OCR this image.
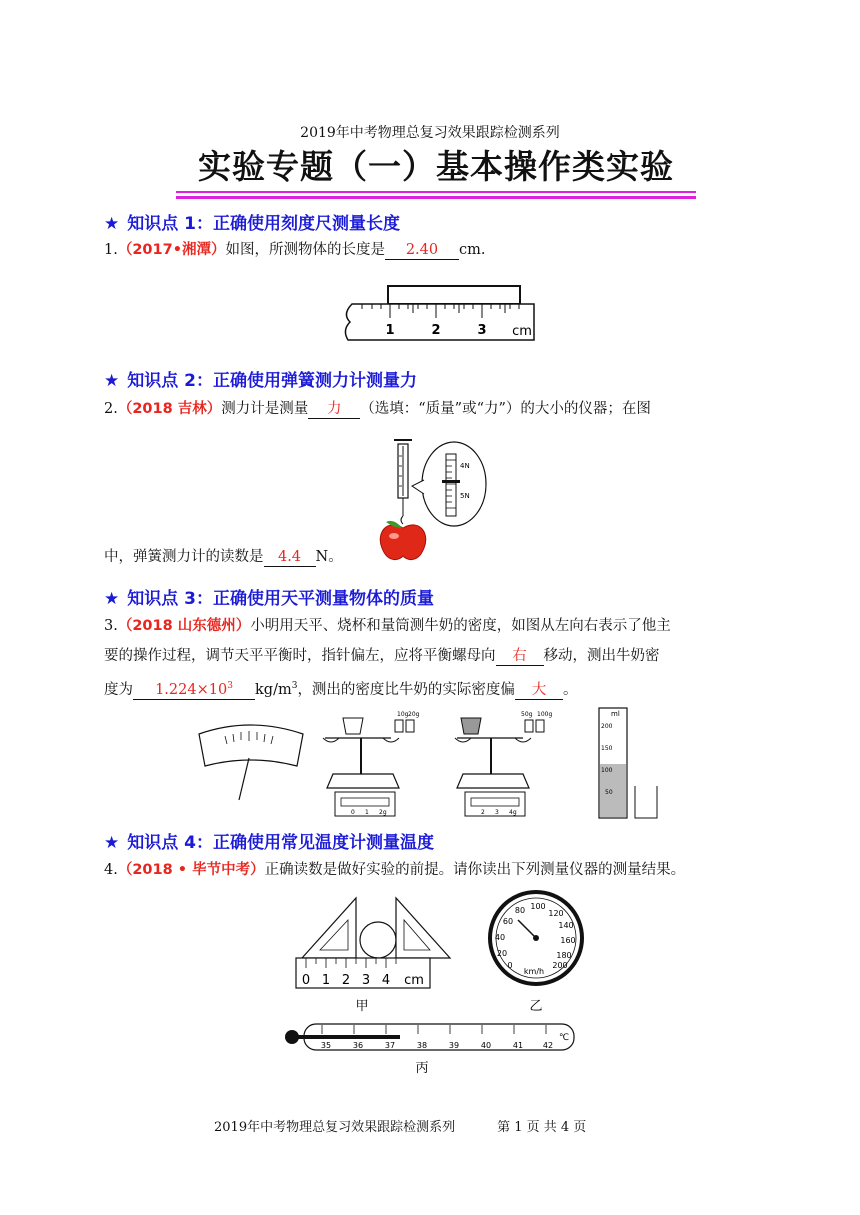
2019年中考物理总复习效果跟踪检测系列
实验专题（一）基本操作类实验
★ 知识点 1：正确使用刻度尺测量长度
1.（2017•湘潭）如图，所测物体的长度是 2.40 cm.
1	2	3 cm
★ 知识点 2：正确使用弹簧测力计测量力
2.（2018 吉林）测力计是测量 力 （选填：“质量”或“力”）的大小的仪器；在图
4N
5N
中，弹簧测力计的读数是 4.4 N。
★ 知识点 3：正确使用天平测量物体的质量
3.（2018 山东德州）小明用天平、烧杯和量筒测牛奶的密度，如图从左向右表示了他主
要的操作过程，调节天平平衡时，指针偏左，应将平衡螺母向 右 移动，测出牛奶密
度为 $1.224\times 10^3$ $kg/m^3$，测出的密度比牛奶的实际密度偏 大 。
10g 20g
0 1 2g
50g 100g
2 3 4g
ml
200
150
100
50
★ 知识点 4：正确使用常见温度计测量温度
4.（2018 • 毕节中考）正确读数是做好实验的前提。请你读出下列测量仪器的测量结果。
0 1 2 3 4 cm
甲
0
20
40
60
80 100
120
140
160
180
200
km/h
乙
35	36	37	38	39	40	41 42
℃
丙
2019年中考物理总复习效果跟踪检测系列	第 1 页 共 4 页
